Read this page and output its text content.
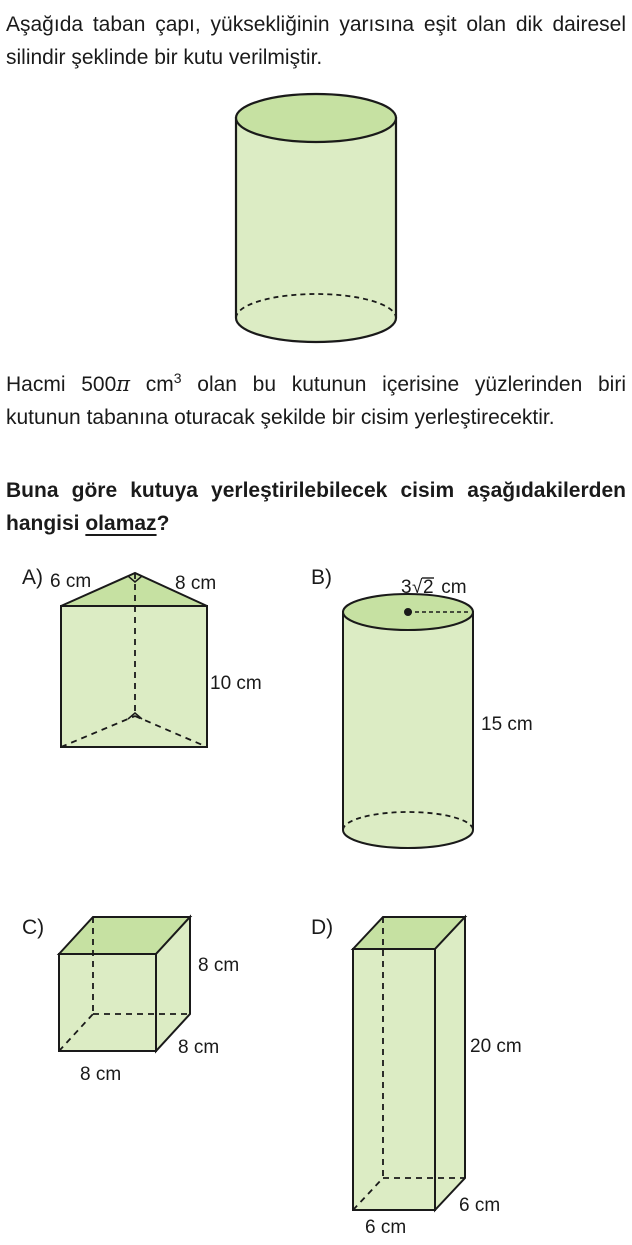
Aşağıda taban çapı, yüksekliğinin yarısına eşit olan dik dairesel silindir şeklinde bir kutu verilmiştir.
Hacmi 500π $cm^3$ olan bu kutunun içerisine yüzlerinden biri kutunun tabanına oturacak şekilde bir cisim yerleştirecektir.
Buna göre kutuya yerleştirilebilecek cisim aşağıdakilerden hangisi olamaz?
A) 6 cm	8 cm
10 cm
B)	3 √ 2 cm
15 cm
C)
8 cm
8 cm
8 cm
D)
20 cm
6 cm
6 cm
